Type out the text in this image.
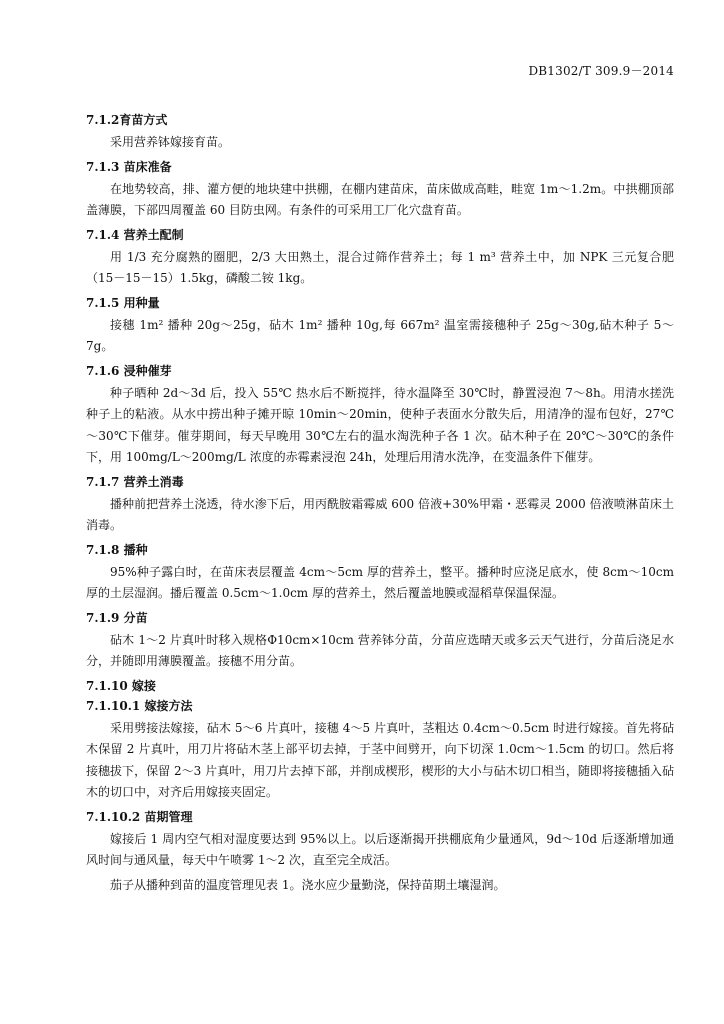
DB1302/T 309.9－2014

7.1.2育苗方式

采用营养钵嫁接育苗。

7.1.3 苗床准备

在地势较高，排、灌方便的地块建中拱棚，在棚内建苗床，苗床做成高畦，畦宽 1m～1.2m。中拱棚顶部盖薄膜，下部四周覆盖 60 目防虫网。有条件的可采用工厂化穴盘育苗。

7.1.4 营养土配制

用 1/3 充分腐熟的圈肥，2/3 大田熟土，混合过筛作营养土；每 1 m³ 营养土中，加 NPK 三元复合肥（15－15－15）1.5kg，磷酸二铵 1kg。

7.1.5 用种量

接穗 1m² 播种 20g～25g，砧木 1m² 播种 10g,每 667m² 温室需接穗种子 25g～30g,砧木种子 5～7g。

7.1.6 浸种催芽

种子晒种 2d～3d 后，投入 55℃ 热水后不断搅拌，待水温降至 30℃时，静置浸泡 7～8h。用清水搓洗种子上的粘液。从水中捞出种子摊开晾 10min～20min，使种子表面水分散失后，用清净的湿布包好，27℃～30℃下催芽。催芽期间，每天早晚用 30℃左右的温水淘洗种子各 1 次。砧木种子在 20℃～30℃的条件下，用 100mg/L～200mg/L 浓度的赤霉素浸泡 24h，处理后用清水洗净，在变温条件下催芽。

7.1.7 营养土消毒

播种前把营养土浇透，待水渗下后，用丙酰胺霜霉威 600 倍液+30%甲霜・恶霉灵 2000 倍液喷淋苗床土消毒。

7.1.8 播种

95%种子露白时，在苗床表层覆盖 4cm～5cm 厚的营养土，整平。播种时应浇足底水，使 8cm～10cm 厚的土层湿润。播后覆盖 0.5cm～1.0cm 厚的营养土，然后覆盖地膜或湿稻草保温保湿。

7.1.9 分苗

砧木 1～2 片真叶时移入规格Φ10cm×10cm 营养钵分苗，分苗应选晴天或多云天气进行，分苗后浇足水分，并随即用薄膜覆盖。接穗不用分苗。

7.1.10 嫁接

7.1.10.1 嫁接方法

采用劈接法嫁接，砧木 5～6 片真叶，接穗 4～5 片真叶，茎粗达 0.4cm～0.5cm 时进行嫁接。首先将砧木保留 2 片真叶，用刀片将砧木茎上部平切去掉，于茎中间劈开，向下切深 1.0cm～1.5cm 的切口。然后将接穗拔下，保留 2～3 片真叶，用刀片去掉下部，并削成楔形，楔形的大小与砧木切口相当，随即将接穗插入砧木的切口中，对齐后用嫁接夹固定。

7.1.10.2 苗期管理

嫁接后 1 周内空气相对湿度要达到 95%以上。以后逐渐揭开拱棚底角少量通风，9d～10d 后逐渐增加通风时间与通风量，每天中午喷雾 1～2 次，直至完全成活。

茄子从播种到苗的温度管理见表 1。浇水应少量勤浇，保持苗期土壤湿润。
